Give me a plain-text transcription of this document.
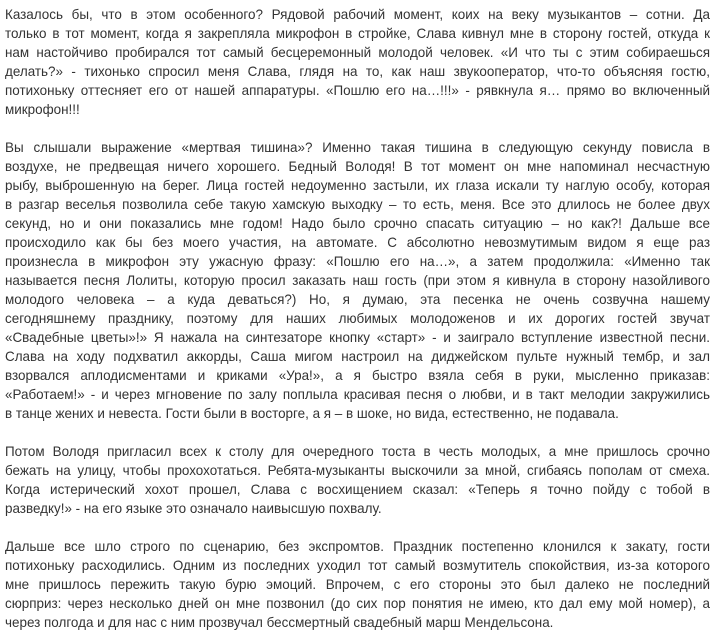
Казалось бы, что в этом особенного? Рядовой рабочий момент, коих на веку музыкантов – сотни. Да
только в тот момент, когда я закрепляла микрофон в стройке, Слава кивнул мне в сторону гостей, откуда к
нам настойчиво пробирался тот самый бесцеремонный молодой человек. «И что ты с этим собираешься
делать?» - тихонько спросил меня Слава, глядя на то, как наш звукооператор, что-то объясняя гостю,
потихоньку оттесняет его от нашей аппаратуры. «Пошлю его на…!!!» - рявкнула я… прямо во включенный
микрофон!!!
Вы слышали выражение «мертвая тишина»? Именно такая тишина в следующую секунду повисла в
воздухе, не предвещая ничего хорошего. Бедный Володя! В тот момент он мне напоминал несчастную
рыбу, выброшенную на берег. Лица гостей недоуменно застыли, их глаза искали ту наглую особу, которая
в разгар веселья позволила себе такую хамскую выходку – то есть, меня. Все это длилось не более двух
секунд, но и они показались мне годом! Надо было срочно спасать ситуацию – но как?! Дальше все
происходило как бы без моего участия, на автомате. С абсолютно невозмутимым видом я еще раз
произнесла в микрофон эту ужасную фразу: «Пошлю его на…», а затем продолжила: «Именно так
называется песня Лолиты, которую просил заказать наш гость (при этом я кивнула в сторону назойливого
молодого человека – а куда деваться?) Но, я думаю, эта песенка не очень созвучна нашему
сегодняшнему празднику, поэтому для наших любимых молодоженов и их дорогих гостей звучат
«Свадебные цветы»!» Я нажала на синтезаторе кнопку «старт» - и заиграло вступление известной песни.
Слава на ходу подхватил аккорды, Саша мигом настроил на диджейском пульте нужный тембр, и зал
взорвался аплодисментами и криками «Ура!», а я быстро взяла себя в руки, мысленно приказав:
«Работаем!» - и через мгновение по залу поплыла красивая песня о любви, и в такт мелодии закружились
в танце жених и невеста. Гости были в восторге, а я – в шоке, но вида, естественно, не подавала.
Потом Володя пригласил всех к столу для очередного тоста в честь молодых, а мне пришлось срочно
бежать на улицу, чтобы прохохотаться. Ребята-музыканты выскочили за мной, сгибаясь пополам от смеха.
Когда истерический хохот прошел, Слава с восхищением сказал: «Теперь я точно пойду с тобой в
разведку!» - на его языке это означало наивысшую похвалу.
Дальше все шло строго по сценарию, без экспромтов. Праздник постепенно клонился к закату, гости
потихоньку расходились. Одним из последних уходил тот самый возмутитель спокойствия, из-за которого
мне пришлось пережить такую бурю эмоций. Впрочем, с его стороны это был далеко не последний
сюрприз: через несколько дней он мне позвонил (до сих пор понятия не имею, кто дал ему мой номер), а
через полгода и для нас с ним прозвучал бессмертный свадебный марш Мендельсона.
